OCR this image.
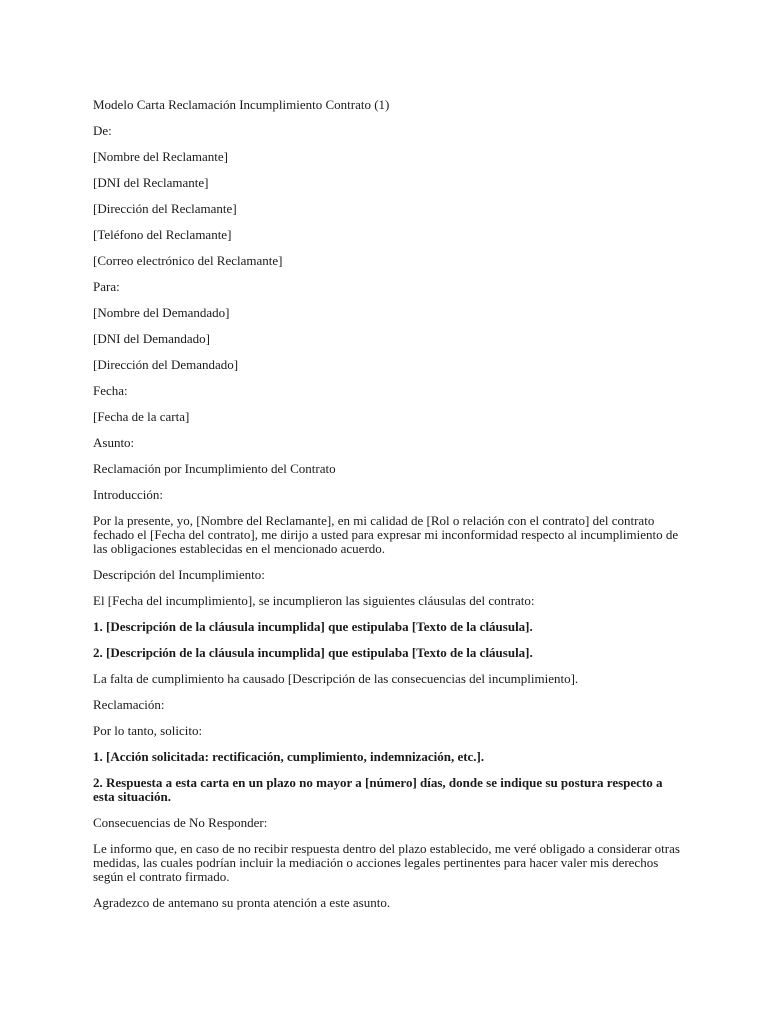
Modelo Carta Reclamación Incumplimiento Contrato (1)

De:

[Nombre del Reclamante]

[DNI del Reclamante]

[Dirección del Reclamante]

[Teléfono del Reclamante]

[Correo electrónico del Reclamante]

Para:

[Nombre del Demandado]

[DNI del Demandado]

[Dirección del Demandado]

Fecha:

[Fecha de la carta]

Asunto:

Reclamación por Incumplimiento del Contrato

Introducción:

Por la presente, yo, [Nombre del Reclamante], en mi calidad de [Rol o relación con el contrato] del contrato fechado el [Fecha del contrato], me dirijo a usted para expresar mi inconformidad respecto al incumplimiento de las obligaciones establecidas en el mencionado acuerdo.

Descripción del Incumplimiento:

El [Fecha del incumplimiento], se incumplieron las siguientes cláusulas del contrato:

1. [Descripción de la cláusula incumplida] que estipulaba [Texto de la cláusula].

2. [Descripción de la cláusula incumplida] que estipulaba [Texto de la cláusula].

La falta de cumplimiento ha causado [Descripción de las consecuencias del incumplimiento].

Reclamación:

Por lo tanto, solicito:

1. [Acción solicitada: rectificación, cumplimiento, indemnización, etc.].

2. Respuesta a esta carta en un plazo no mayor a [número] días, donde se indique su postura respecto a esta situación.

Consecuencias de No Responder:

Le informo que, en caso de no recibir respuesta dentro del plazo establecido, me veré obligado a considerar otras medidas, las cuales podrían incluir la mediación o acciones legales pertinentes para hacer valer mis derechos según el contrato firmado.

Agradezco de antemano su pronta atención a este asunto.
